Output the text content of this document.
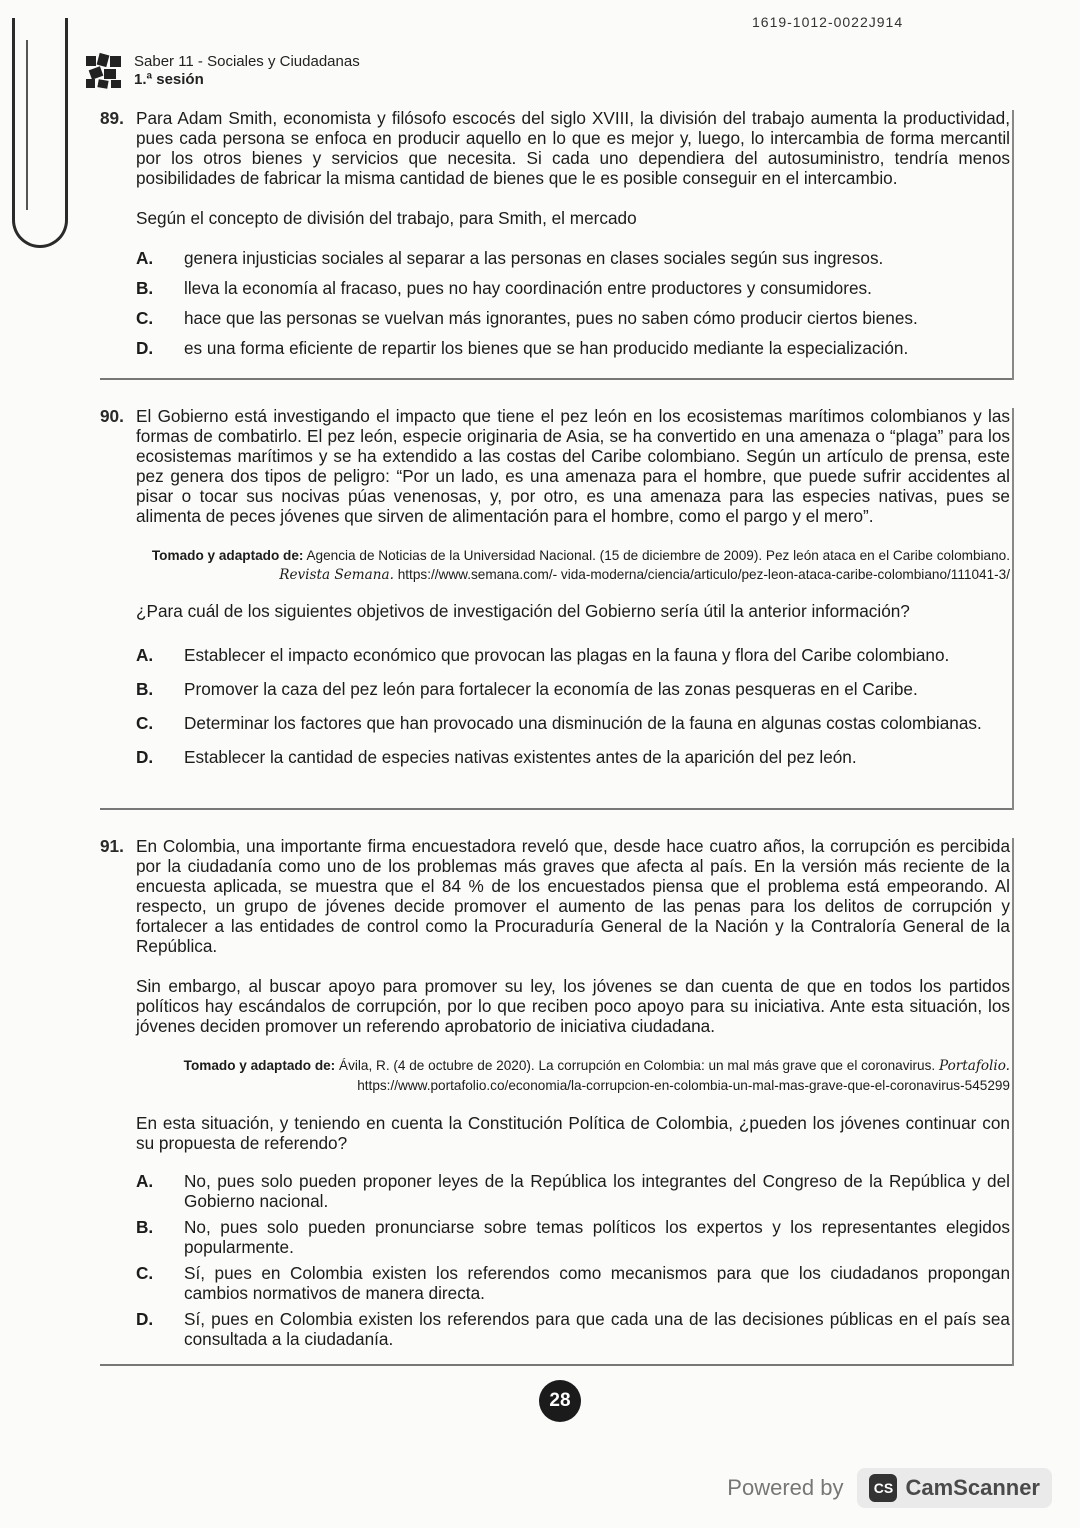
1619-1012-0022J914
Saber 11 - Sociales y Ciudadanas
1.ª sesión
89. Para Adam Smith, economista y filósofo escocés del siglo XVIII, la división del trabajo aumenta la productividad, pues cada persona se enfoca en producir aquello en lo que es mejor y, luego, lo intercambia de forma mercantil por los otros bienes y servicios que necesita. Si cada uno dependiera del autosuministro, tendría menos posibilidades de fabricar la misma cantidad de bienes que le es posible conseguir en el intercambio.

Según el concepto de división del trabajo, para Smith, el mercado

A.	genera injusticias sociales al separar a las personas en clases sociales según sus ingresos.
B.	lleva la economía al fracaso, pues no hay coordinación entre productores y consumidores.
C.	hace que las personas se vuelvan más ignorantes, pues no saben cómo producir ciertos bienes.
D.	es una forma eficiente de repartir los bienes que se han producido mediante la especialización.
90. El Gobierno está investigando el impacto que tiene el pez león en los ecosistemas marítimos colombianos y las formas de combatirlo. El pez león, especie originaria de Asia, se ha convertido en una amenaza o “plaga” para los ecosistemas marítimos y se ha extendido a las costas del Caribe colombiano. Según un artículo de prensa, este pez genera dos tipos de peligro: “Por un lado, es una amenaza para el hombre, que puede sufrir accidentes al pisar o tocar sus nocivas púas venenosas, y, por otro, es una amenaza para las especies nativas, pues se alimenta de peces jóvenes que sirven de alimentación para el hombre, como el pargo y el mero”.

Tomado y adaptado de: Agencia de Noticias de la Universidad Nacional. (15 de diciembre de 2009). Pez león ataca en el Caribe colombiano. Revista Semana. https://www.semana.com/- vida-moderna/ciencia/articulo/pez-leon-ataca-caribe-colombiano/111041-3/

¿Para cuál de los siguientes objetivos de investigación del Gobierno sería útil la anterior información?

A.	Establecer el impacto económico que provocan las plagas en la fauna y flora del Caribe colombiano.
B.	Promover la caza del pez león para fortalecer la economía de las zonas pesqueras en el Caribe.
C.	Determinar los factores que han provocado una disminución de la fauna en algunas costas colombianas.
D.	Establecer la cantidad de especies nativas existentes antes de la aparición del pez león.
91. En Colombia, una importante firma encuestadora reveló que, desde hace cuatro años, la corrupción es percibida por la ciudadanía como uno de los problemas más graves que afecta al país. En la versión más reciente de la encuesta aplicada, se muestra que el 84 % de los encuestados piensa que el problema está empeorando. Al respecto, un grupo de jóvenes decide promover el aumento de las penas para los delitos de corrupción y fortalecer a las entidades de control como la Procuraduría General de la Nación y la Contraloría General de la República.

Sin embargo, al buscar apoyo para promover su ley, los jóvenes se dan cuenta de que en todos los partidos políticos hay escándalos de corrupción, por lo que reciben poco apoyo para su iniciativa. Ante esta situación, los jóvenes deciden promover un referendo aprobatorio de iniciativa ciudadana.

Tomado y adaptado de: Ávila, R. (4 de octubre de 2020). La corrupción en Colombia: un mal más grave que el coronavirus. Portafolio. https://www.portafolio.co/economia/la-corrupcion-en-colombia-un-mal-mas-grave-que-el-coronavirus-545299

En esta situación, y teniendo en cuenta la Constitución Política de Colombia, ¿pueden los jóvenes continuar con su propuesta de referendo?

A.	No, pues solo pueden proponer leyes de la República los integrantes del Congreso de la República y del Gobierno nacional.
B.	No, pues solo pueden pronunciarse sobre temas políticos los expertos y los representantes elegidos popularmente.
C.	Sí, pues en Colombia existen los referendos como mecanismos para que los ciudadanos propongan cambios normativos de manera directa.
D.	Sí, pues en Colombia existen los referendos para que cada una de las decisiones públicas en el país sea consultada a la ciudadanía.
28
Powered by	CS CamScanner
